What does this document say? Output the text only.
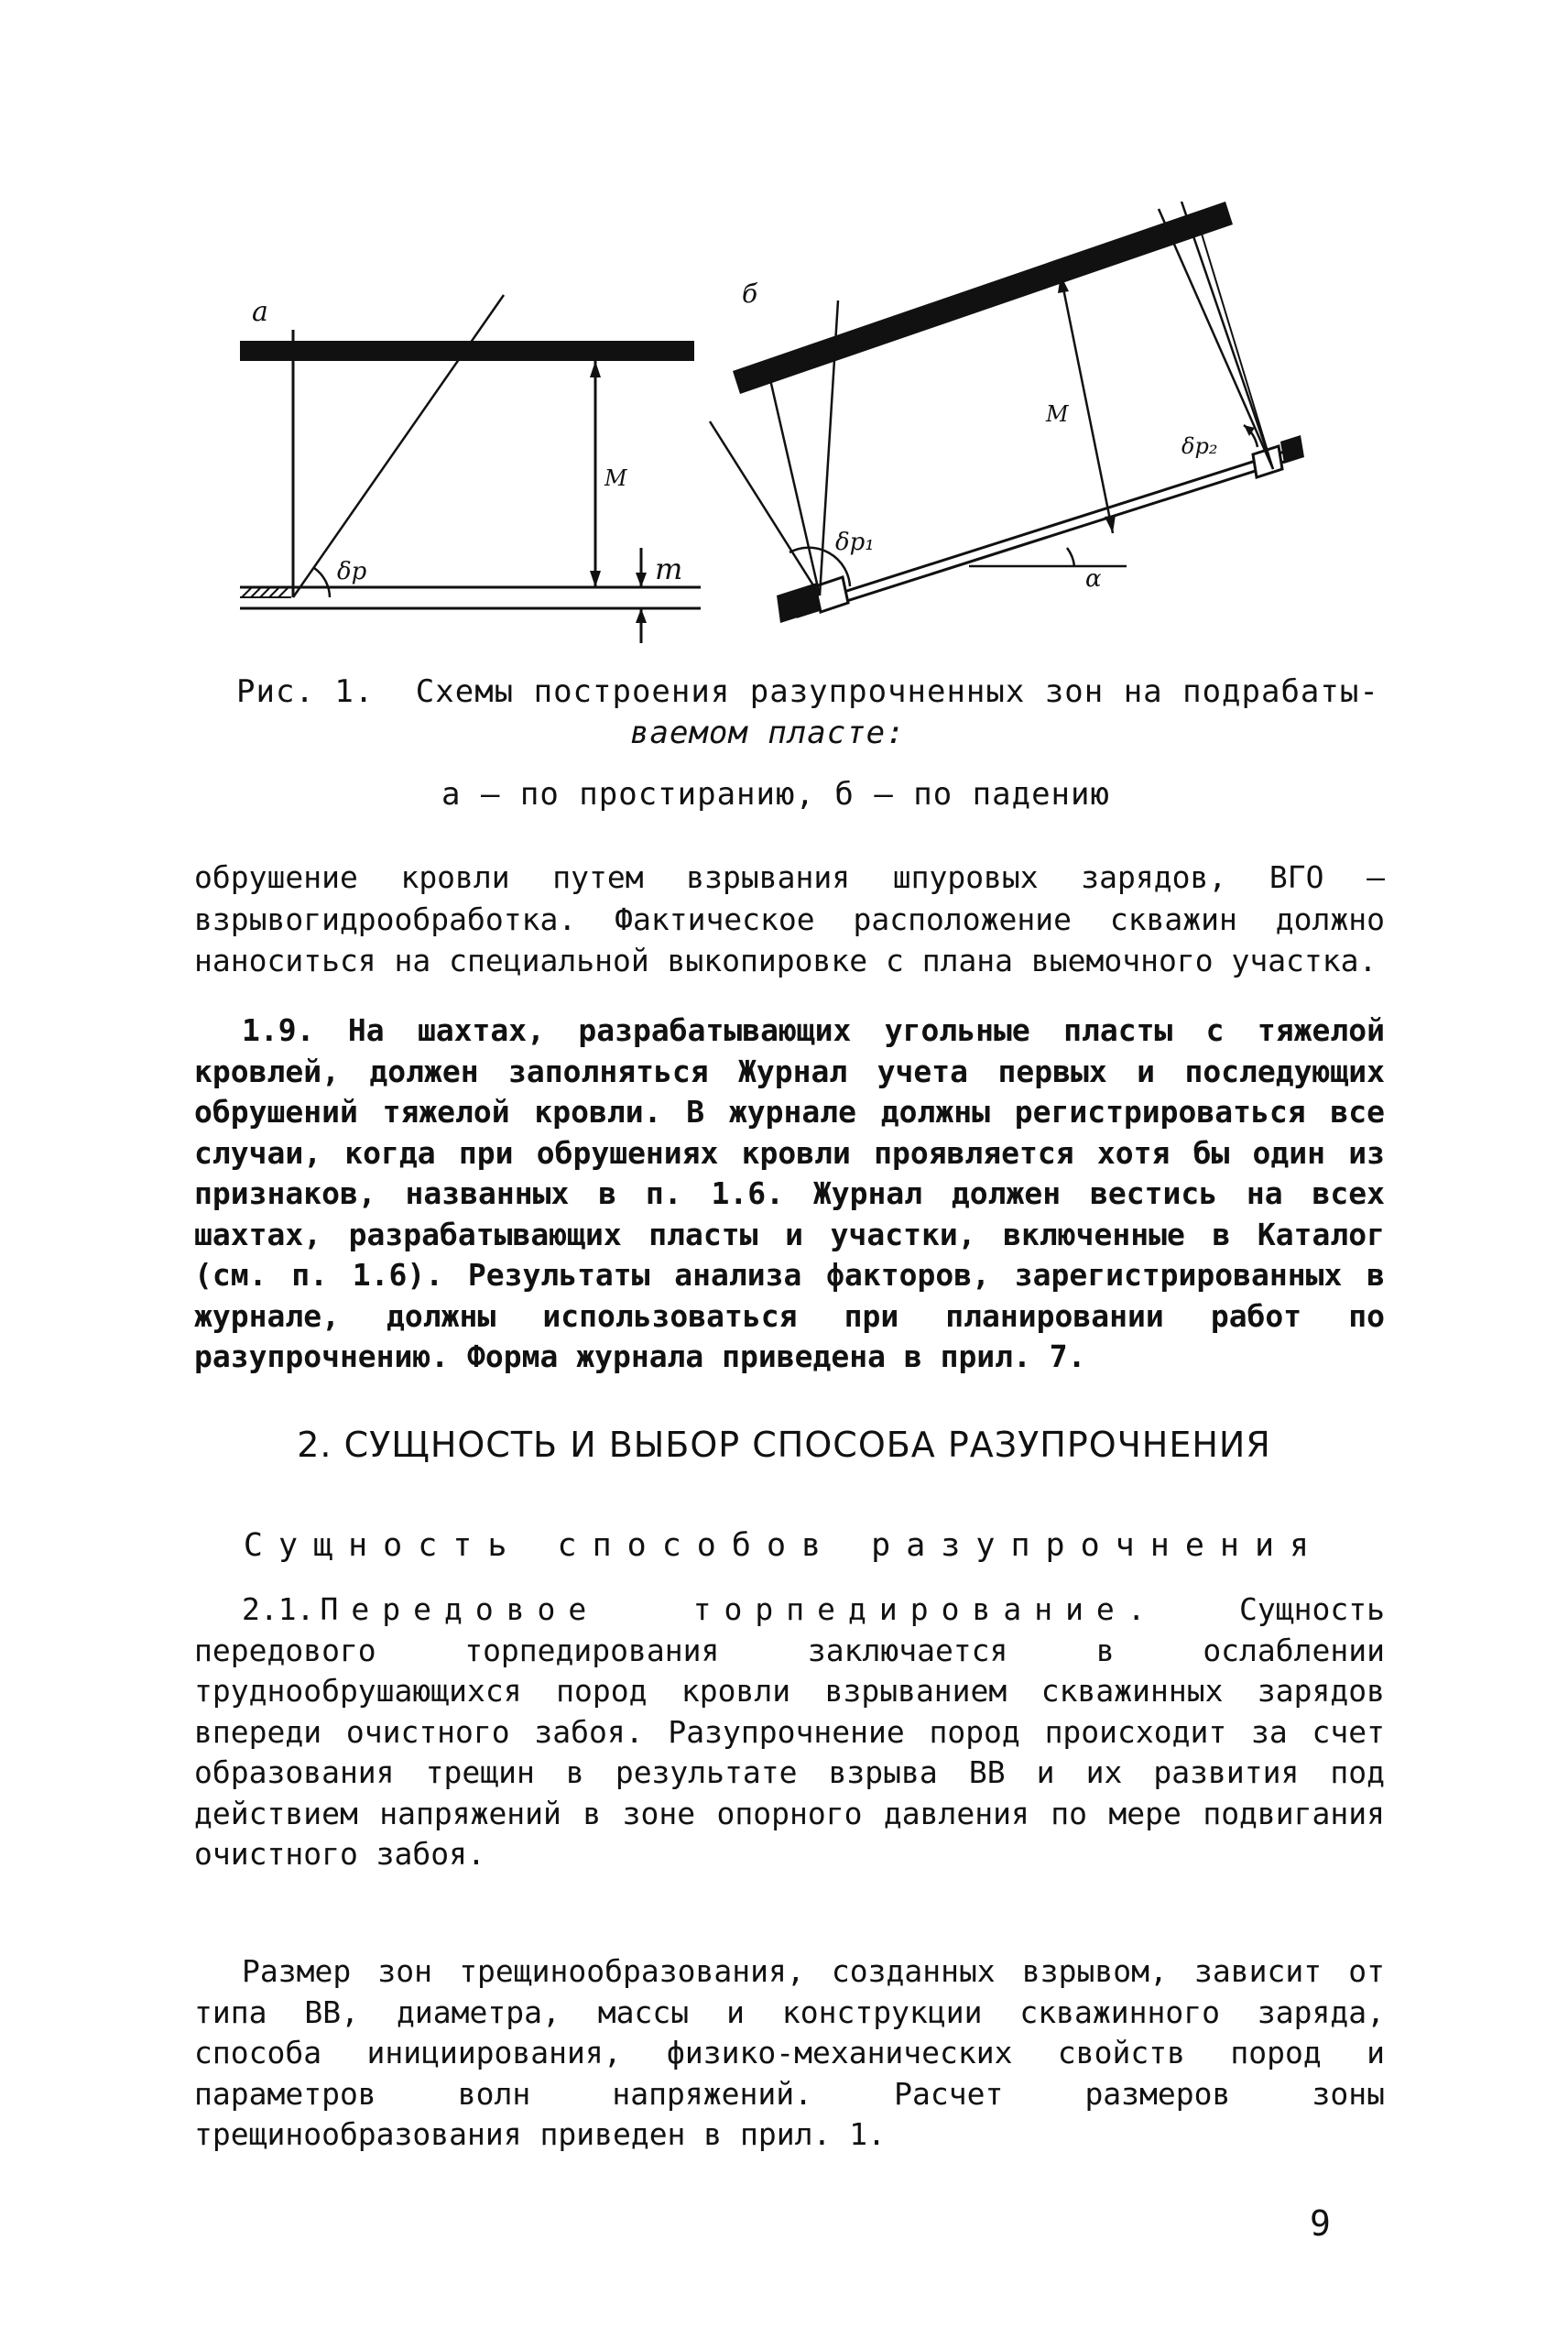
а
М
m
δр
б
М
δр₁
δр₂
α
Рис. 1. Схемы построения разупрочненных зон на подрабаты-
ваемом пласте:
а – по простиранию, б – по падению

обрушение кровли путем взрывания шпуровых зарядов, ВГО – взрывогидрообработка. Фактическое расположение скважин должно наноситься на специальной выкопировке с плана выемочного участка.

1.9. На шахтах, разрабатывающих угольные пласты с тяжелой кровлей, должен заполняться Журнал учета первых и последующих обрушений тяжелой кровли. В журнале должны регистрироваться все случаи, когда при обрушениях кровли проявляется хотя бы один из признаков, названных в п. 1.6. Журнал должен вестись на всех шахтах, разрабатывающих пласты и участки, включенные в Каталог (см. п. 1.6). Результаты анализа факторов, зарегистрированных в журнале, должны использоваться при планировании работ по разупрочнению. Форма журнала приведена в прил. 7.

2. СУЩНОСТЬ И ВЫБОР СПОСОБА РАЗУПРОЧНЕНИЯ
Сущность способов разупрочнения

2.1. Передовое торпедирование.	Сущность передового торпедирования заключается в ослаблении труднообрушающихся пород кровли взрыванием скважинных зарядов впереди очистного забоя. Разупрочнение пород происходит за счет образования трещин в результате взрыва ВВ и их развития под действием напряжений в зоне опорного давления по мере подвигания очистного забоя.

Размер зон трещинообразования, созданных взрывом, зависит от типа ВВ, диаметра, массы и конструкции скважинного заряда, способа инициирования, физико-механических свойств пород и параметров волн напряжений. Расчет размеров зоны трещинообразования приведен в прил. 1.

9
